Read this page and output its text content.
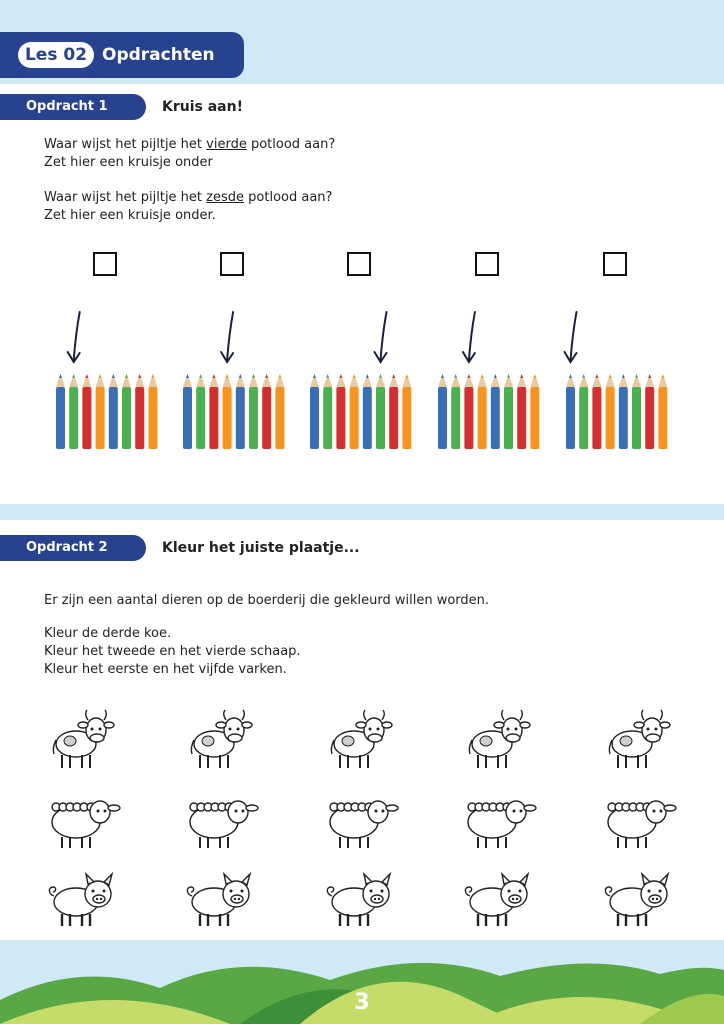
Les 02 Opdrachten
Opdracht 1	Kruis aan!

Waar wijst het pijltje het vierde potlood aan?

Zet hier een kruisje onder

Waar wijst het pijltje het zesde potlood aan?

Zet hier een kruisje onder.

Opdracht 2	Kleur het juiste plaatje...

Er zijn een aantal dieren op de boerderij die gekleurd willen worden.

Kleur de derde koe.

Kleur het tweede en het vierde schaap.

Kleur het eerste en het vijfde varken.

3
